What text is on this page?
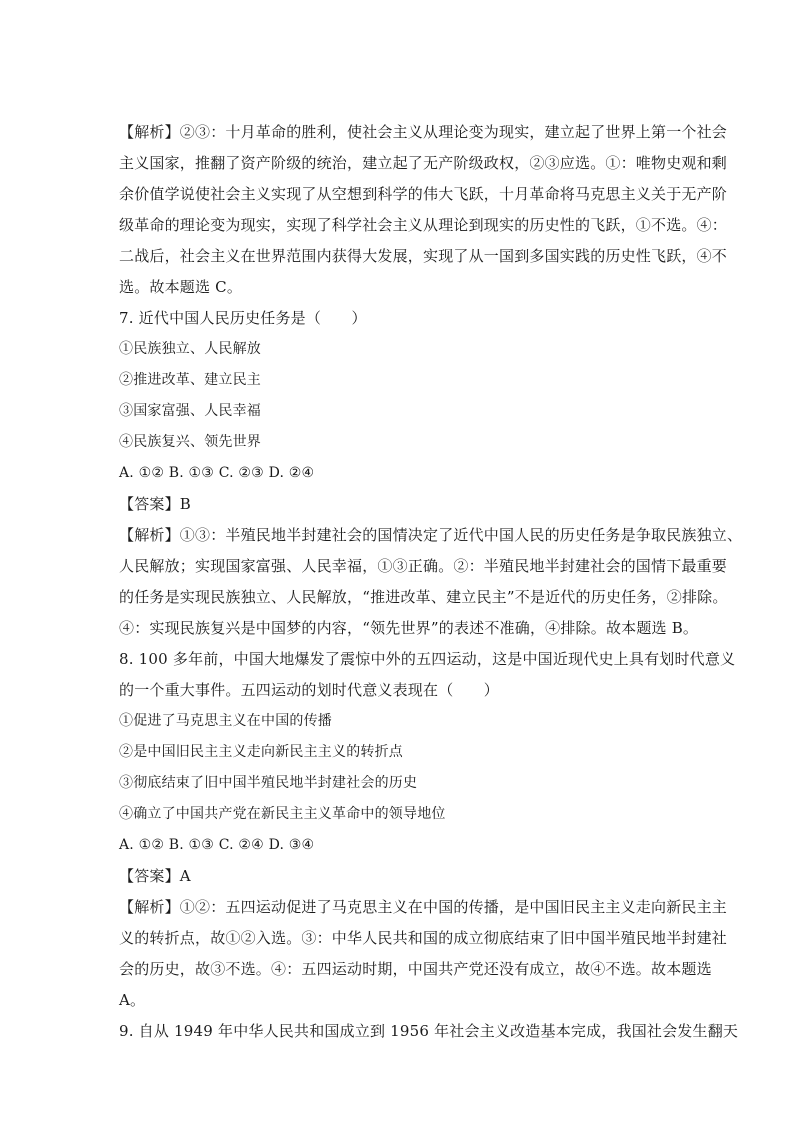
【解析】②③：十月革命的胜利，使社会主义从理论变为现实，建立起了世界上第一个社会
主义国家，推翻了资产阶级的统治，建立起了无产阶级政权，②③应选。①：唯物史观和剩
余价值学说使社会主义实现了从空想到科学的伟大飞跃，十月革命将马克思主义关于无产阶
级革命的理论变为现实，实现了科学社会主义从理论到现实的历史性的飞跃，①不选。④：
二战后，社会主义在世界范围内获得大发展，实现了从一国到多国实践的历史性飞跃，④不
选。故本题选 C。
7. 近代中国人民历史任务是（　　）
①民族独立、人民解放
②推进改革、建立民主
③国家富强、人民幸福
④民族复兴、领先世界
A. ①② B. ①③ C. ②③ D. ②④
【答案】B
【解析】①③：半殖民地半封建社会的国情决定了近代中国人民的历史任务是争取民族独立、
人民解放；实现国家富强、人民幸福，①③正确。②：半殖民地半封建社会的国情下最重要
的任务是实现民族独立、人民解放，“推进改革、建立民主”不是近代的历史任务，②排除。
④：实现民族复兴是中国梦的内容，“领先世界”的表述不准确，④排除。故本题选 B。
8. 100 多年前，中国大地爆发了震惊中外的五四运动，这是中国近现代史上具有划时代意义
的一个重大事件。五四运动的划时代意义表现在（　　）
①促进了马克思主义在中国的传播
②是中国旧民主主义走向新民主主义的转折点
③彻底结束了旧中国半殖民地半封建社会的历史
④确立了中国共产党在新民主主义革命中的领导地位
A. ①② B. ①③ C. ②④ D. ③④
【答案】A
【解析】①②：五四运动促进了马克思主义在中国的传播，是中国旧民主主义走向新民主主
义的转折点，故①②入选。③：中华人民共和国的成立彻底结束了旧中国半殖民地半封建社
会的历史，故③不选。④：五四运动时期，中国共产党还没有成立，故④不选。故本题选
A。
9. 自从 1949 年中华人民共和国成立到 1956 年社会主义改造基本完成，我国社会发生翻天
